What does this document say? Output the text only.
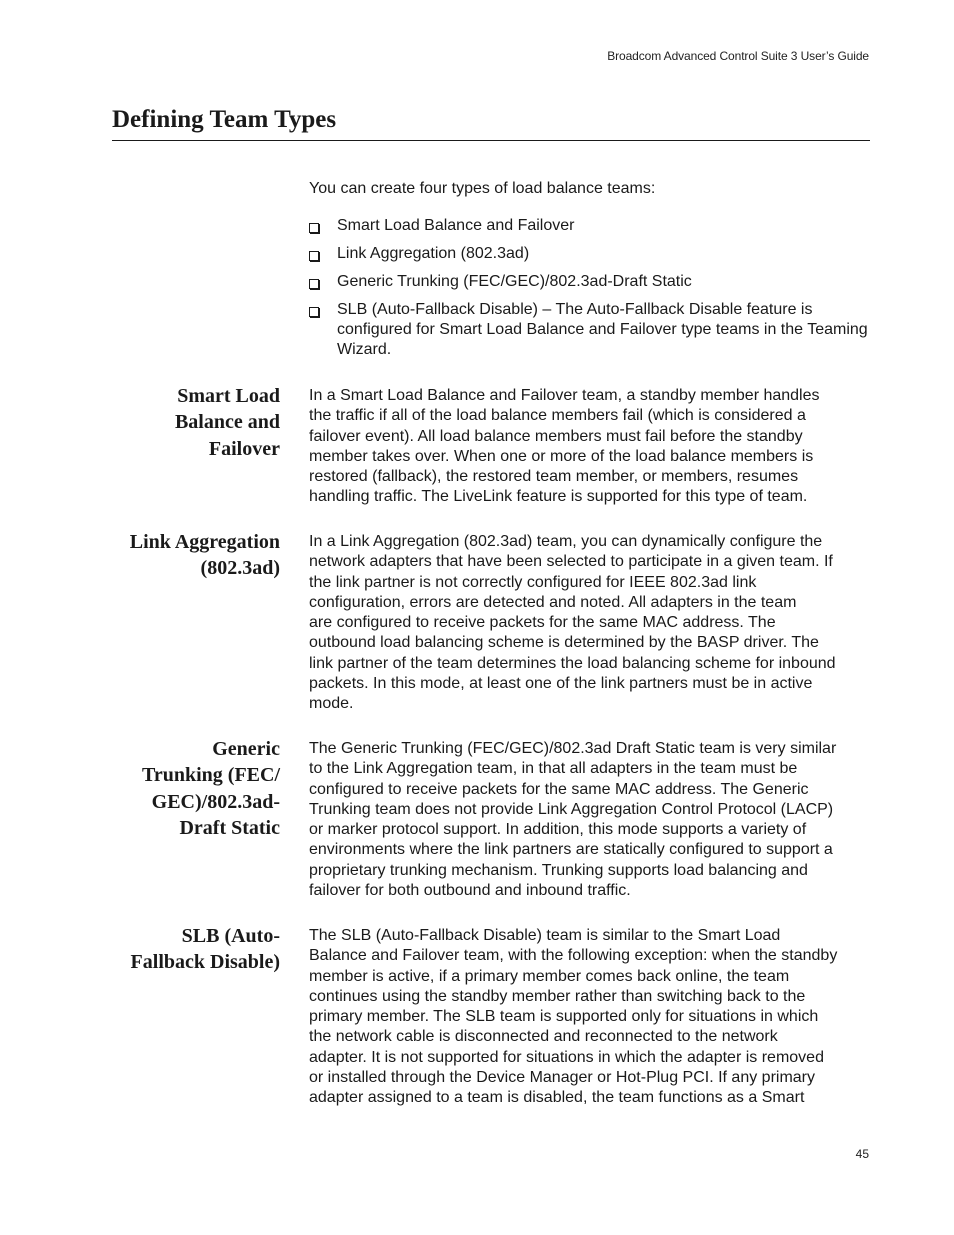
Broadcom Advanced Control Suite 3 User’s Guide
Defining Team Types

You can create four types of load balance teams:

Smart Load Balance and Failover
Link Aggregation (802.3ad)
Generic Trunking (FEC/GEC)/802.3ad-Draft Static
SLB (Auto-Fallback Disable) – The Auto-Fallback Disable feature is configured for Smart Load Balance and Failover type teams in the Teaming Wizard.
Smart Load
Balance and
Failover

In a Smart Load Balance and Failover team, a standby member handles
the traffic if all of the load balance members fail (which is considered a
failover event). All load balance members must fail before the standby
member takes over. When one or more of the load balance members is
restored (fallback), the restored team member, or members, resumes
handling traffic. The LiveLink feature is supported for this type of team.

Link Aggregation
(802.3ad)

In a Link Aggregation (802.3ad) team, you can dynamically configure the
network adapters that have been selected to participate in a given team. If
the link partner is not correctly configured for IEEE 802.3ad link
configuration, errors are detected and noted. All adapters in the team
are configured to receive packets for the same MAC address. The
outbound load balancing scheme is determined by the BASP driver. The
link partner of the team determines the load balancing scheme for inbound
packets. In this mode, at least one of the link partners must be in active
mode.

Generic
Trunking (FEC/
GEC)/802.3ad-
Draft Static

The Generic Trunking (FEC/GEC)/802.3ad Draft Static team is very similar
to the Link Aggregation team, in that all adapters in the team must be
configured to receive packets for the same MAC address. The Generic
Trunking team does not provide Link Aggregation Control Protocol (LACP)
or marker protocol support. In addition, this mode supports a variety of
environments where the link partners are statically configured to support a
proprietary trunking mechanism. Trunking supports load balancing and
failover for both outbound and inbound traffic.

SLB (Auto-
Fallback Disable)

The SLB (Auto-Fallback Disable) team is similar to the Smart Load
Balance and Failover team, with the following exception: when the standby
member is active, if a primary member comes back online, the team
continues using the standby member rather than switching back to the
primary member. The SLB team is supported only for situations in which
the network cable is disconnected and reconnected to the network
adapter. It is not supported for situations in which the adapter is removed
or installed through the Device Manager or Hot-Plug PCI. If any primary
adapter assigned to a team is disabled, the team functions as a Smart

45
